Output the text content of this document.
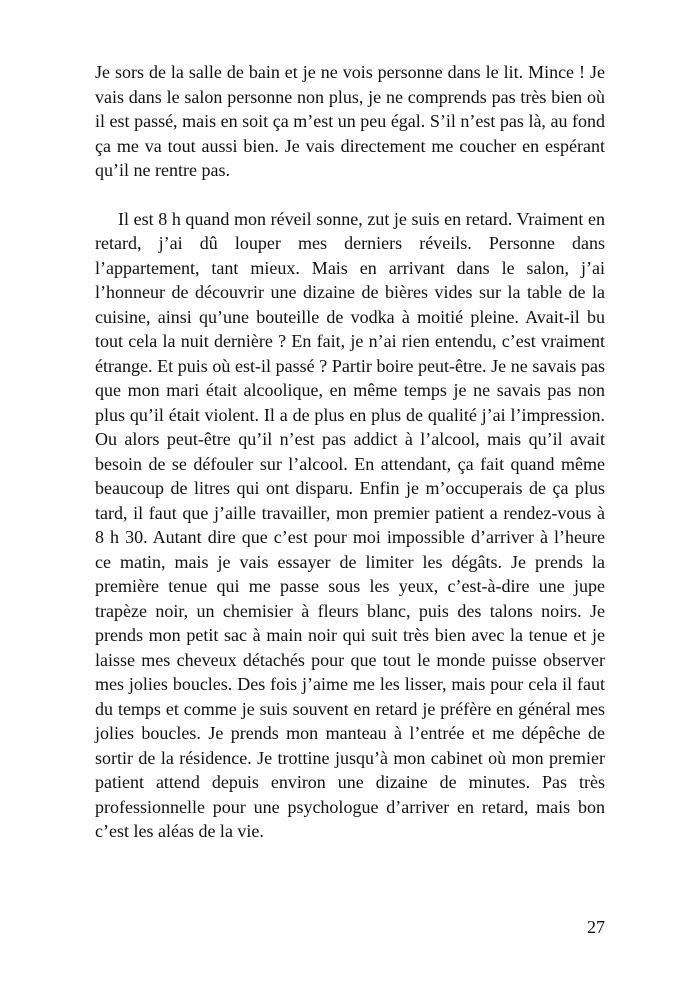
Je sors de la salle de bain et je ne vois personne dans le lit. Mince ! Je vais dans le salon personne non plus, je ne comprends pas très bien où il est passé, mais en soit ça m’est un peu égal. S’il n’est pas là, au fond ça me va tout aussi bien. Je vais directement me coucher en espérant qu’il ne rentre pas.

Il est 8 h quand mon réveil sonne, zut je suis en retard. Vraiment en retard, j’ai dû louper mes derniers réveils. Personne dans l’appartement, tant mieux. Mais en arrivant dans le salon, j’ai l’honneur de découvrir une dizaine de bières vides sur la table de la cuisine, ainsi qu’une bouteille de vodka à moitié pleine. Avait-il bu tout cela la nuit dernière ? En fait, je n’ai rien entendu, c’est vraiment étrange. Et puis où est-il passé ? Partir boire peut-être. Je ne savais pas que mon mari était alcoolique, en même temps je ne savais pas non plus qu’il était violent. Il a de plus en plus de qualité j’ai l’impression. Ou alors peut-être qu’il n’est pas addict à l’alcool, mais qu’il avait besoin de se défouler sur l’alcool. En attendant, ça fait quand même beaucoup de litres qui ont disparu. Enfin je m’occuperais de ça plus tard, il faut que j’aille travailler, mon premier patient a rendez-vous à 8 h 30. Autant dire que c’est pour moi impossible d’arriver à l’heure ce matin, mais je vais essayer de limiter les dégâts. Je prends la première tenue qui me passe sous les yeux, c’est-à-dire une jupe trapèze noir, un chemisier à fleurs blanc, puis des talons noirs. Je prends mon petit sac à main noir qui suit très bien avec la tenue et je laisse mes cheveux détachés pour que tout le monde puisse observer mes jolies boucles. Des fois j’aime me les lisser, mais pour cela il faut du temps et comme je suis souvent en retard je préfère en général mes jolies boucles. Je prends mon manteau à l’entrée et me dépêche de sortir de la résidence. Je trottine jusqu’à mon cabinet où mon premier patient attend depuis environ une dizaine de minutes. Pas très professionnelle pour une psychologue d’arriver en retard, mais bon c’est les aléas de la vie.

27
